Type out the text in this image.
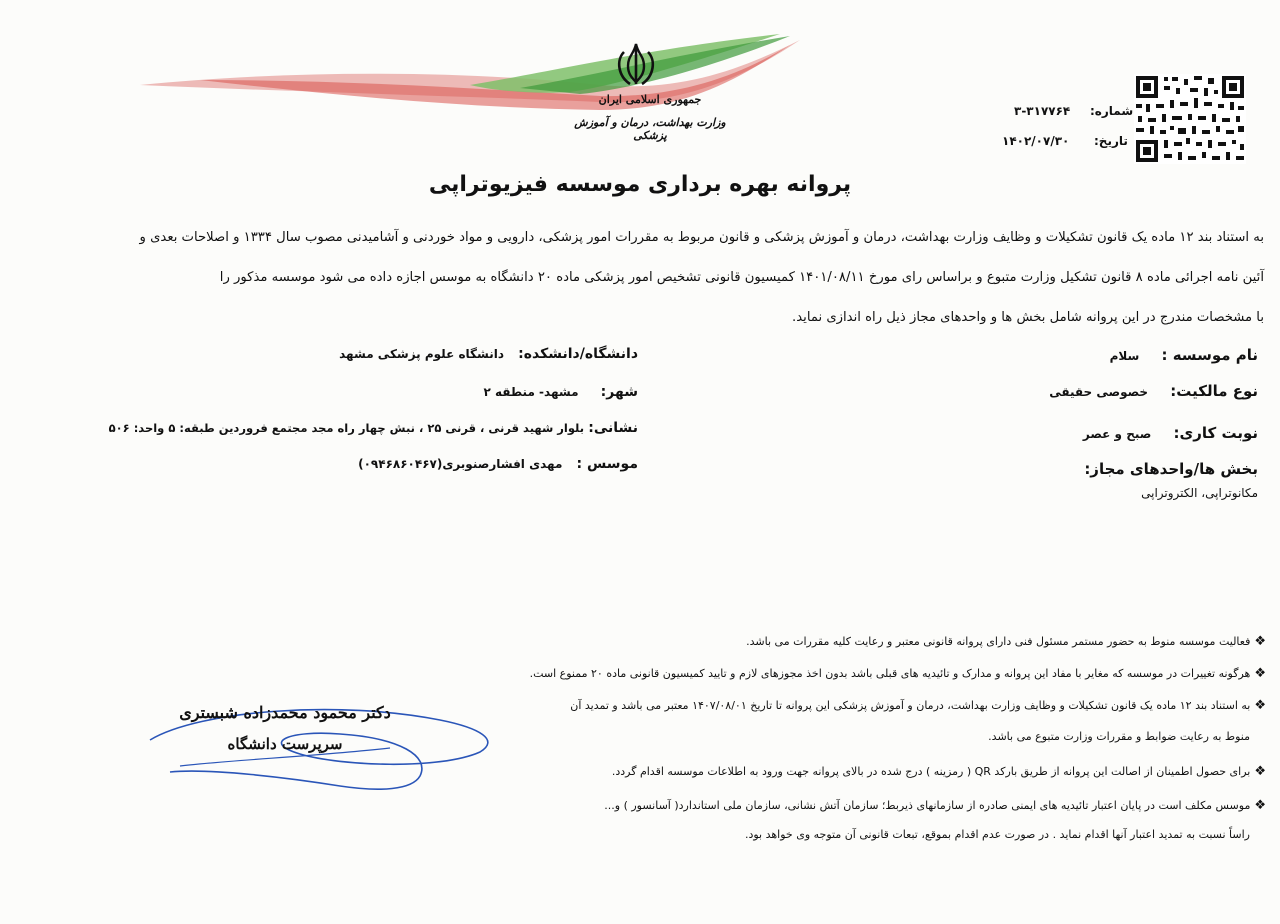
جمهوری اسلامی ایران
وزارت بهداشت، درمان و آموزش پزشکی
شماره:
۳-۳۱۷۷۶۴
تاریخ:
۱۴۰۲/۰۷/۳۰
پروانه بهره برداری موسسه فیزیوتراپی
به استناد بند ۱۲ ماده یک قانون تشکیلات و وظایف وزارت بهداشت، درمان و آموزش پزشکی و قانون مربوط به مقررات امور پزشکی، دارویی و مواد خوردنی و آشامیدنی مصوب سال ۱۳۳۴ و اصلاحات بعدی و
آئین نامه اجرائی ماده ۸ قانون تشکیل وزارت متبوع و براساس رای مورخ ۱۴۰۱/۰۸/۱۱ کمیسیون قانونی تشخیص امور پزشکی ماده ۲۰ دانشگاه به موسس اجازه داده می شود موسسه مذکور را
با مشخصات مندرج در این پروانه شامل بخش ها و واحدهای مجاز ذیل راه اندازی نماید.
نام موسسه : سلام
نوع مالکیت: خصوصی حقیقی
نوبت کاری: صبح و عصر
بخش ها/واحدهای مجاز:
مکانوتراپی، الکتروتراپی
دانشگاه/دانشکده: دانشگاه علوم پزشکی مشهد
شهر: مشهد- منطقه ۲
نشانی: بلوار شهید قرنی ، قرنی ۲۵ ، نبش چهار راه مجد مجتمع فروردین طبقه: ۵ واحد: ۵۰۶
موسس : مهدی افشارصنوبری(۰۹۴۶۸۶۰۴۶۷)
❖فعالیت موسسه منوط به حضور مستمر مسئول فنی دارای پروانه قانونی معتبر و رعایت کلیه مقررات می باشد.
❖هرگونه تغییرات در موسسه که مغایر با مفاد این پروانه و مدارک و تائیدیه های قبلی باشد بدون اخذ مجوزهای لازم و تایید کمیسیون قانونی ماده ۲۰ ممنوع است.
❖به استناد بند ۱۲ ماده یک قانون تشکیلات و وظایف وزارت بهداشت، درمان و آموزش پزشکی این پروانه تا تاریخ ۱۴۰۷/۰۸/۰۱ معتبر می باشد و تمدید آن
منوط به رعایت ضوابط و مقررات وزارت متبوع می باشد.
❖برای حصول اطمینان از اصالت این پروانه از طریق بارکد QR ( رمزینه ) درج شده در بالای پروانه جهت ورود به اطلاعات موسسه اقدام گردد.
❖موسس مکلف است در پایان اعتبار تائیدیه های ایمنی صادره از سازمانهای ذیربط؛ سازمان آتش نشانی، سازمان ملی استاندارد( آسانسور ) و...
راساً نسبت به تمدید اعتبار آنها اقدام نماید . در صورت عدم اقدام بموقع، تبعات قانونی آن متوجه وی خواهد بود.
دکتر محمود محمدزاده شبستری
سرپرست دانشگاه
